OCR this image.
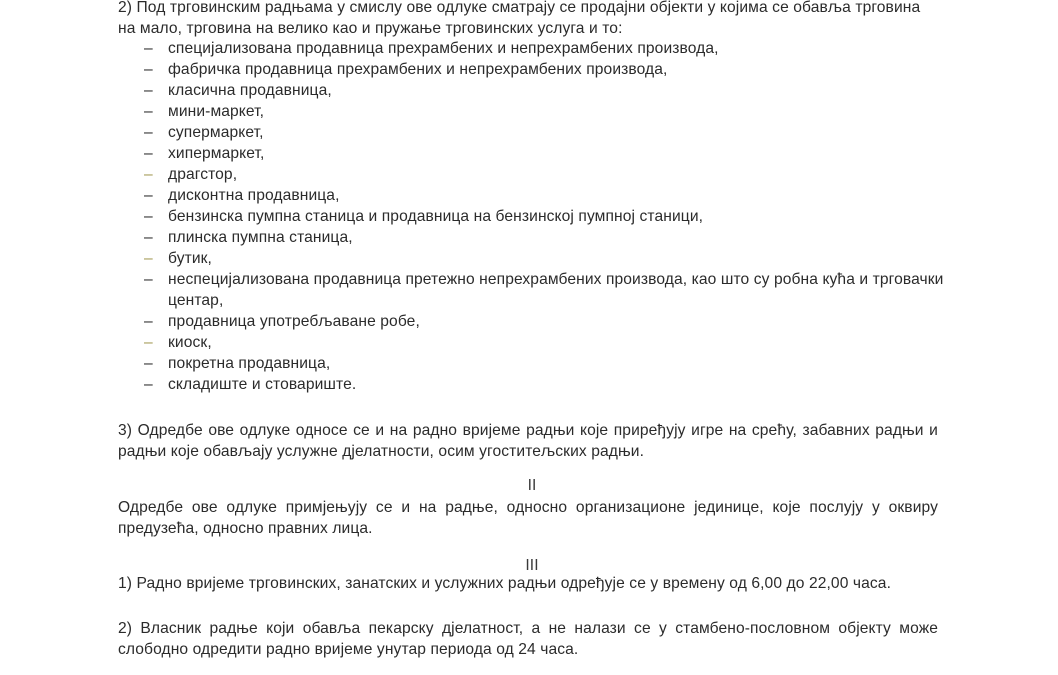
2) Под трговинским радњама у смислу ове одлуке сматрају се продајни објекти у којима се обавља трговина на мало, трговина на велико као и пружање трговинских услуга и то:

– специјализована продавница прехрамбених и непрехрамбених производа,
– фабричка продавница прехрамбених и непрехрамбених производа,
– класична продавница,
– мини-маркет,
– супермаркет,
– хипермаркет,
– драгстор,
– дисконтна продавница,
– бензинска пумпна станица и продавница на бензинској пумпној станици,
– плинска пумпна станица,
– бутик,
– неспецијализована продавница претежно непрехрамбених производа, као што су робна кућа и трговачки центар,
– продавница употребљаване робе,
– киоск,
– покретна продавница,
– складиште и стовариште.

3) Одредбе ове одлуке односе се и на радно вријеме радњи које приређују игре на срећу, забавних радњи и радњи које обављају услужне дјелатности, осим угоститељских радњи.

II

Одредбе ове одлуке примјењују се и на радње, односно организационе јединице, које послују у оквиру предузећа, односно правних лица.

III

1) Радно вријеме трговинских, занатских и услужних радњи одређује се у времену од 6,00 до 22,00 часа.

2) Власник радње који обавља пекарску дјелатност, а не налази се у стамбено-пословном објекту може слободно одредити радно вријеме унутар периода од 24 часа.
